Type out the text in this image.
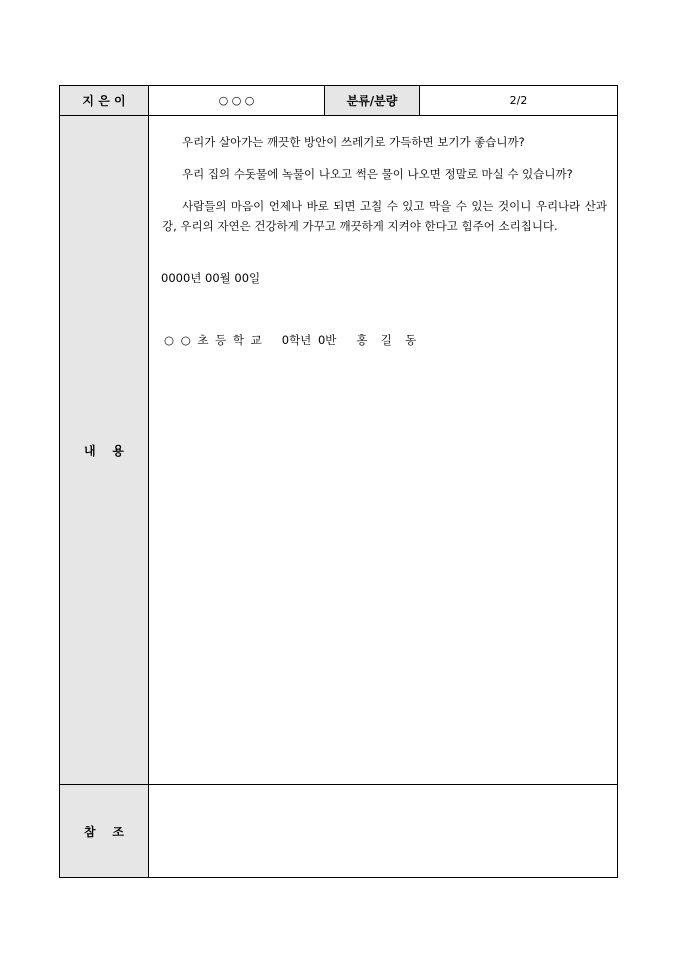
지 은 이	○ ○ ○	분류/분량	2/2
내    용	우리가 살아가는 깨끗한 방안이 쓰레기로 가득하면 보기가 좋습니까?

우리 집의 수돗물에 녹물이 나오고 썩은 물이 나오면 정말로 마실 수 있습니까?

사람들의 마음이 언제나 바로 되면 고칠 수 있고 막을 수 있는 것이니 우리나라 산과 강, 우리의 자연은 건강하게 가꾸고 깨끗하게 지켜야 한다고 힘주어 소리칩니다.

0000년 00월 00일
○ ○ 초 등 학 교   0학년 0반   홍  길  동		

참    조			
